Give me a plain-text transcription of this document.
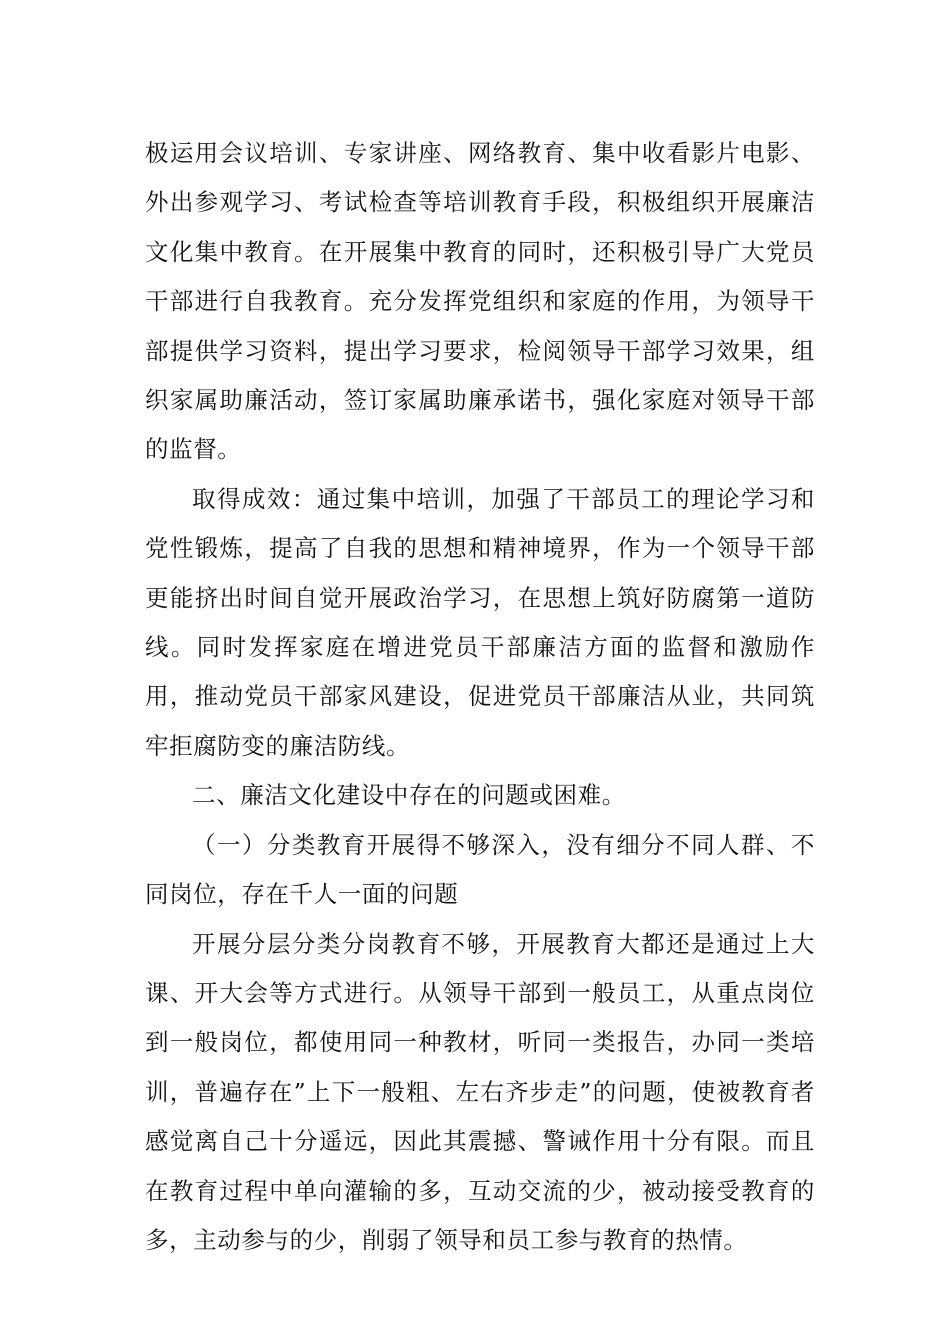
极运用会议培训、专家讲座、网络教育、集中收看影片电影、外出参观学习、考试检查等培训教育手段，积极组织开展廉洁文化集中教育。在开展集中教育的同时，还积极引导广大党员干部进行自我教育。充分发挥党组织和家庭的作用，为领导干部提供学习资料，提出学习要求，检阅领导干部学习效果，组织家属助廉活动，签订家属助廉承诺书，强化家庭对领导干部的监督。

取得成效：通过集中培训，加强了干部员工的理论学习和党性锻炼，提高了自我的思想和精神境界，作为一个领导干部更能挤出时间自觉开展政治学习，在思想上筑好防腐第一道防线。同时发挥家庭在增进党员干部廉洁方面的监督和激励作用，推动党员干部家风建设，促进党员干部廉洁从业，共同筑牢拒腐防变的廉洁防线。

二、廉洁文化建设中存在的问题或困难。

（一）分类教育开展得不够深入，没有细分不同人群、不同岗位，存在千人一面的问题

开展分层分类分岗教育不够，开展教育大都还是通过上大课、开大会等方式进行。从领导干部到一般员工，从重点岗位到一般岗位，都使用同一种教材，听同一类报告，办同一类培训，普遍存在”上下一般粗、左右齐步走”的问题，使被教育者感觉离自己十分遥远，因此其震撼、警诫作用十分有限。而且在教育过程中单向灌输的多，互动交流的少，被动接受教育的多，主动参与的少，削弱了领导和员工参与教育的热情。
